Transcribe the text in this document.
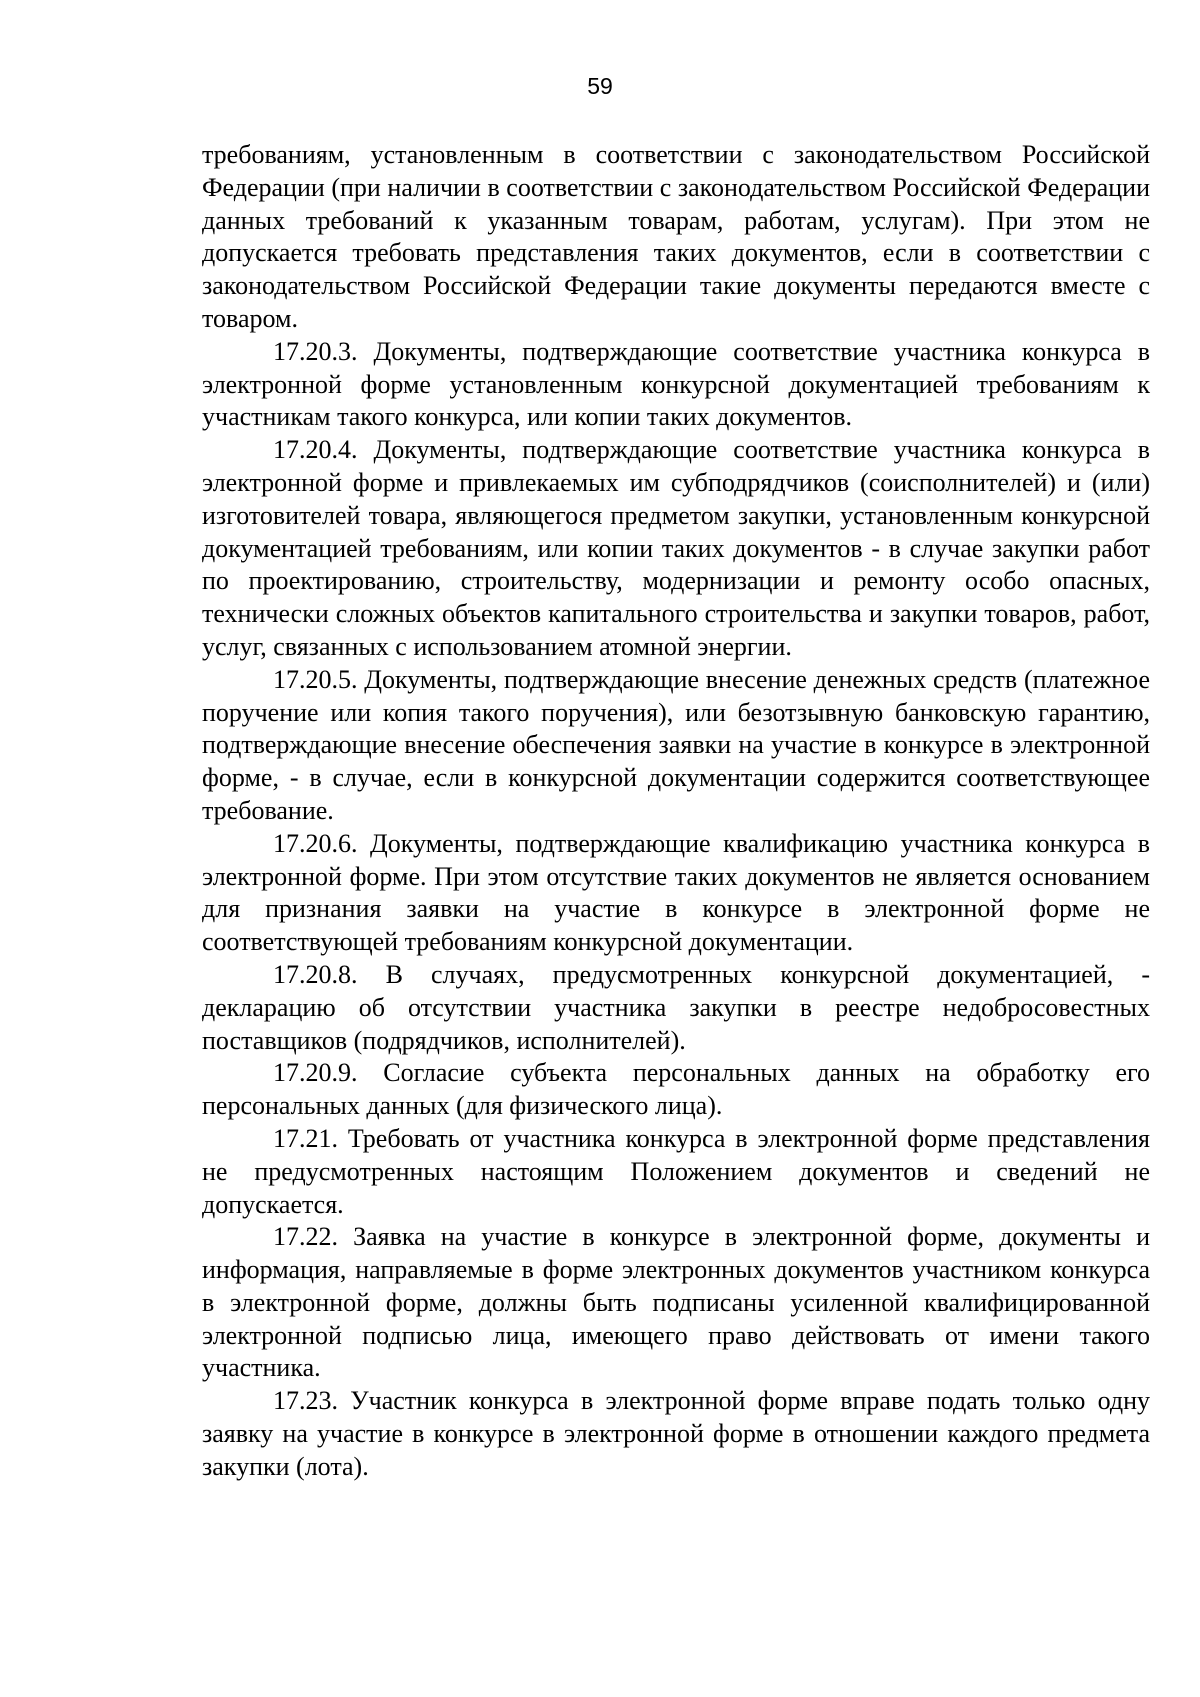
59

требованиям, установленным в соответствии с законодательством Российской Федерации (при наличии в соответствии с законодательством Российской Федерации данных требований к указанным товарам, работам, услугам). При этом не допускается требовать представления таких документов, если в соответствии с законодательством Российской Федерации такие документы передаются вместе с товаром.

17.20.3. Документы, подтверждающие соответствие участника конкурса в электронной форме установленным конкурсной документацией требованиям к участникам такого конкурса, или копии таких документов.

17.20.4. Документы, подтверждающие соответствие участника конкурса в электронной форме и привлекаемых им субподрядчиков (соисполнителей) и (или) изготовителей товара, являющегося предметом закупки, установленным конкурсной документацией требованиям, или копии таких документов - в случае закупки работ по проектированию, строительству, модернизации и ремонту особо опасных, технически сложных объектов капитального строительства и закупки товаров, работ, услуг, связанных с использованием атомной энергии.

17.20.5. Документы, подтверждающие внесение денежных средств (платежное поручение или копия такого поручения), или безотзывную банковскую гарантию, подтверждающие внесение обеспечения заявки на участие в конкурсе в электронной форме, - в случае, если в конкурсной документации содержится соответствующее требование.

17.20.6. Документы, подтверждающие квалификацию участника конкурса в электронной форме. При этом отсутствие таких документов не является основанием для признания заявки на участие в конкурсе в электронной форме не соответствующей требованиям конкурсной документации.

17.20.8. В случаях, предусмотренных конкурсной документацией, - декларацию об отсутствии участника закупки в реестре недобросовестных поставщиков (подрядчиков, исполнителей).

17.20.9. Согласие субъекта персональных данных на обработку его персональных данных (для физического лица).

17.21. Требовать от участника конкурса в электронной форме представления не предусмотренных настоящим Положением документов и сведений не допускается.

17.22. Заявка на участие в конкурсе в электронной форме, документы и информация, направляемые в форме электронных документов участником конкурса в электронной форме, должны быть подписаны усиленной квалифицированной электронной подписью лица, имеющего право действовать от имени такого участника.

17.23. Участник конкурса в электронной форме вправе подать только одну заявку на участие в конкурсе в электронной форме в отношении каждого предмета закупки (лота).
